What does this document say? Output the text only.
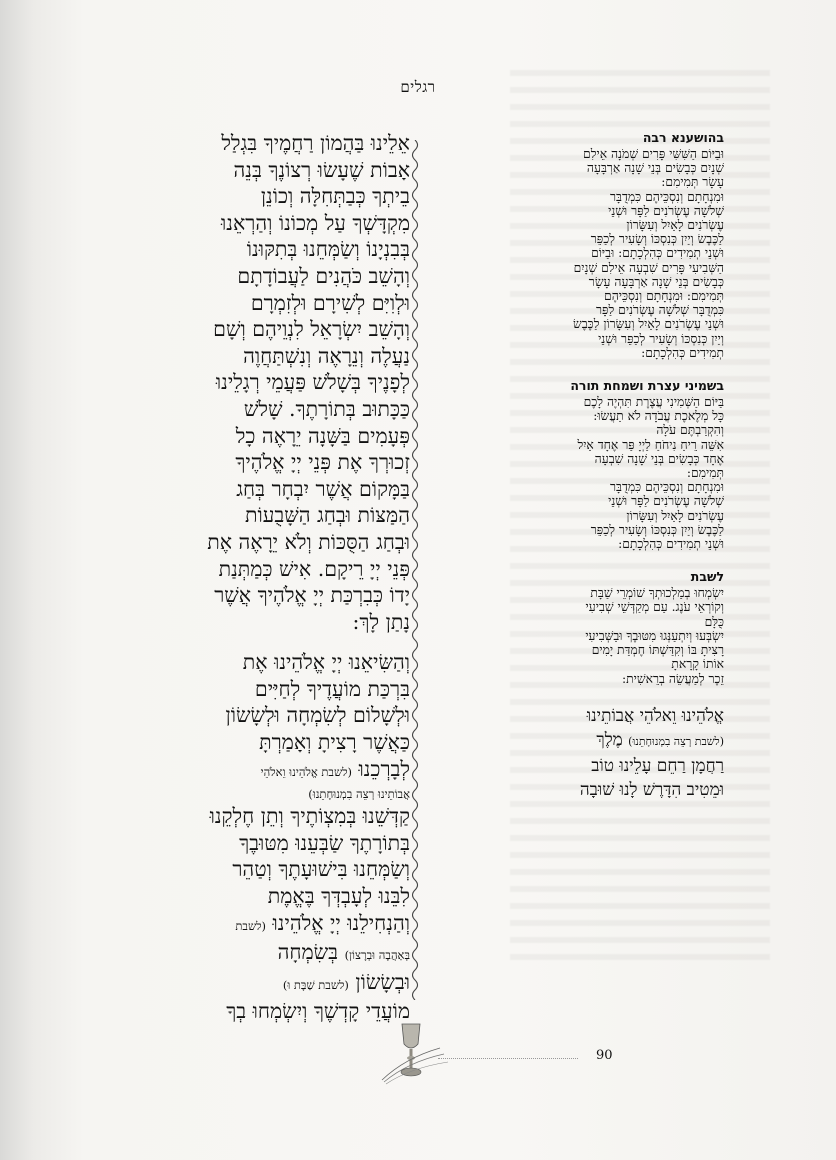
רגלים

אֵלֵינוּ בַּהֲמוֹן רַחֲמֶיךָ בִּגְלַל

אָבוֹת שֶׁעָשׂוּ רְצוֹנֶךָ בְּנֵה

בֵיתְךָ כְּבַתְּחִלָּה וְכוֹנֵן

מִקְדָּשְׁךָ עַל מְכוֹנוֹ וְהַרְאֵנוּ

בְּבִנְיָנוֹ וְשַׂמְּחֵנוּ בְּתִקּוּנוֹ

וְהָשֵׁב כֹּהֲנִים לַעֲבוֹדָתָם

וּלְוִיִּם לְשִׁירָם וּלְזִמְרָם

וְהָשֵׁב יִשְׂרָאֵל לִנְוֵיהֶם וְשָׁם

נַעֲלֶה וְנֵרָאֶה וְנִשְׁתַּחֲוֶה

לְפָנֶיךָ בְּשָׁלֹשׁ פַּעֲמֵי רְגָלֵינוּ

כַּכָּתוּב בְּתוֹרָתֶךָ. שָׁלֹשׁ

פְּעָמִים בַּשָּׁנָה יֵרָאֶה כָל

זְכוּרְךָ אֶת פְּנֵי יְיָ אֱלֹהֶיךָ

בַּמָּקוֹם אֲשֶׁר יִבְחָר בְּחַג

הַמַּצּוֹת וּבְחַג הַשָּׁבֻעוֹת

וּבְחַג הַסֻּכּוֹת וְלֹא יֵרָאֶה אֶת

פְּנֵי יְיָ רֵיקָם. אִישׁ כְּמַתְּנַת

יָדוֹ כְּבִרְכַּת יְיָ אֱלֹהֶיךָ אֲשֶׁר

נָתַן לָךְ:

וְהַשִּׂיאֵנוּ יְיָ אֱלֹהֵינוּ אֶת

בִּרְכַּת מוֹעֲדֶיךָ לְחַיִּים

וּלְשָׁלוֹם לְשִׂמְחָה וּלְשָׂשׂוֹן

כַּאֲשֶׁר רָצִיתָ וְאָמַרְתָּ

לְבָרְכֵנוּ (לשבת אֱלֹהֵינוּ וֵאלֹהֵי

אֲבוֹתֵינוּ רְצֵה בִמְנוּחָתֵנוּ)

קַדְּשֵׁנוּ בְּמִצְוֹתֶיךָ וְתֵן חֶלְקֵנוּ

בְּתוֹרָתֶךָ שַׂבְּעֵנוּ מִטּוּבֶךָ

וְשַׂמְּחֵנוּ בִּישׁוּעָתֶךָ וְטַהֵר

לִבֵּנוּ לְעָבְדְּךָ בֶּאֱמֶת

וְהַנְחִילֵנוּ יְיָ אֱלֹהֵינוּ (לשבת

בְּאַהֲבָה וּבְרָצוֹן) בְּשִׂמְחָה

וּבְשָׂשׂוֹן (לשבת שַׁבָּת וּ)

מוֹעֲדֵי קָדְשֶׁךָ וְיִשְׂמְחוּ בְךָ

בהושענא רבה

וּבַיּוֹם הַשִּׁשִּׁי פָּרִים שְׁמֹנָה אֵילִם
שְׁנָיִם כְּבָשִׂים בְּנֵי שָׁנָה אַרְבָּעָה
עָשָׂר תְּמִימִם:
וּמִנְחָתָם וְנִסְכֵּיהֶם כִּמְדֻבָּר
שְׁלֹשָׁה עֶשְׂרֹנִים לַפָּר וּשְׁנֵי
עֶשְׂרֹנִים לָאַיִל וְעִשָּׂרוֹן
לַכֶּבֶשׂ וְיַיִן כְּנִסְכּוֹ וְשָׂעִיר לְכַפֵּר
וּשְׁנֵי תְמִידִים כְּהִלְכָתָם: וּבַיּוֹם
הַשְּׁבִיעִי פָּרִים שִׁבְעָה אֵילִם שְׁנָיִם
כְּבָשִׂים בְּנֵי שָׁנָה אַרְבָּעָה עָשָׂר
תְּמִימִם: וּמִנְחָתָם וְנִסְכֵּיהֶם
כִּמְדֻבָּר שְׁלֹשָׁה עֶשְׂרֹנִים לַפָּר
וּשְׁנֵי עֶשְׂרֹנִים לָאַיִל וְעִשָּׂרוֹן לַכֶּבֶשׂ
וְיַיִן כְּנִסְכּוֹ וְשָׂעִיר לְכַפֵּר וּשְׁנֵי
תְמִידִים כְּהִלְכָתָם:

בשמיני עצרת ושמחת תורה

בַּיּוֹם הַשְּׁמִינִי עֲצֶרֶת תִּהְיֶה לָכֶם
כָּל מְלֶאכֶת עֲבֹדָה לֹא תַעֲשׂוּ:
וְהִקְרַבְתֶּם עֹלָה
אִשֵּׁה רֵיחַ נִיחֹחַ לַיְיָ פַּר אֶחָד אַיִל
אֶחָד כְּבָשִׂים בְּנֵי שָׁנָה שִׁבְעָה
תְּמִימִם:
וּמִנְחָתָם וְנִסְכֵּיהֶם כִּמְדֻבָּר
שְׁלֹשָׁה עֶשְׂרֹנִים לַפָּר וּשְׁנֵי
עֶשְׂרֹנִים לָאַיִל וְעִשָּׂרוֹן
לַכֶּבֶשׂ וְיַיִן כְּנִסְכּוֹ וְשָׂעִיר לְכַפֵּר
וּשְׁנֵי תְמִידִים כְּהִלְכָתָם:

לשבת

יִשְׂמְחוּ בְמַלְכוּתְךָ שׁוֹמְרֵי שַׁבָּת
וְקוֹרְאֵי עֹנֶג. עַם מְקַדְּשֵׁי שְׁבִיעִי
כֻּלָּם
יִשְׂבְּעוּ וְיִתְעַנְּגוּ מִטּוּבֶךָ וּבַשְּׁבִיעִי
רָצִיתָ בּוֹ וְקִדַּשְׁתּוֹ חֶמְדַּת יָמִים
אוֹתוֹ קָרָאתָ
זֵכֶר לְמַעֲשֵׂה בְרֵאשִׁית:
אֱלֹהֵינוּ וֵאלֹהֵי אֲבוֹתֵינוּ
(לשבת רְצֵה בִמְנוּחָתֵנוּ) מֶלֶךְ
רַחֲמָן רַחֵם עָלֵינוּ טוֹב
וּמֵטִיב הִדָּרֶשׁ לָנוּ שׁוּבָה
90
